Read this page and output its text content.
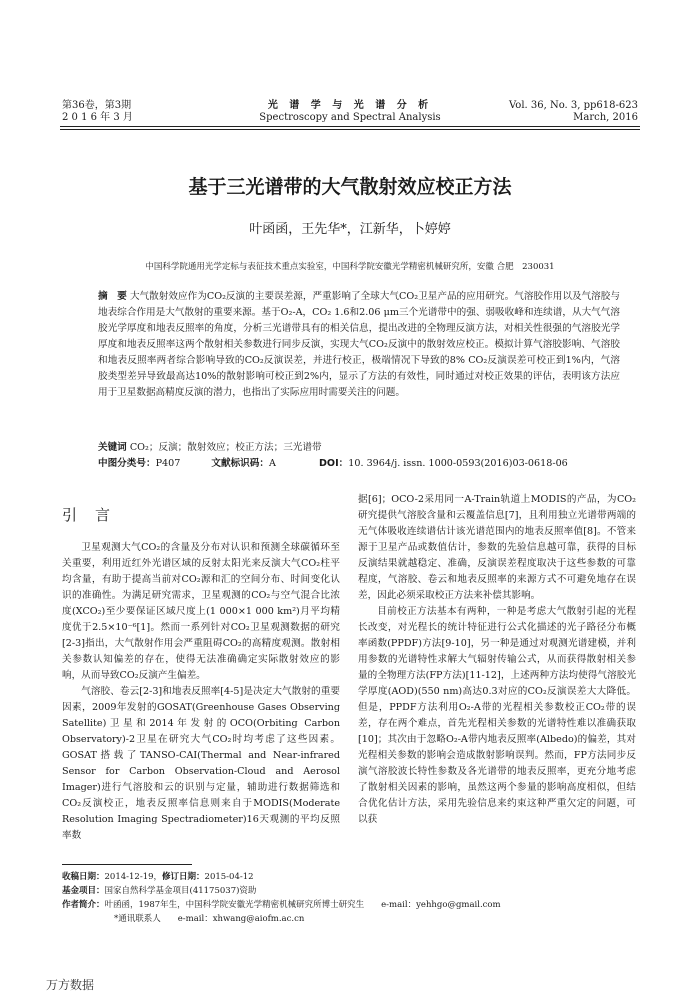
第36卷，第3期
2 0 1 6 年 3 月
光 谱 学 与 光 谱 分 析
Spectroscopy and Spectral Analysis
Vol. 36, No. 3, pp618-623
March, 2016
基于三光谱带的大气散射效应校正方法
叶函函，王先华*，江新华，卜婷婷
中国科学院通用光学定标与表征技术重点实验室，中国科学院安徽光学精密机械研究所，安徽 合肥　230031
摘　要 大气散射效应作为CO₂反演的主要误差源，严重影响了全球大气CO₂卫星产品的应用研究。气溶胶作用以及气溶胶与地表综合作用是大气散射的重要来源。基于O₂-A，CO₂ 1.6和2.06 μm三个光谱带中的强、弱吸收峰和连续谱，从大气气溶胶光学厚度和地表反照率的角度，分析三光谱带具有的相关信息，提出改进的全物理反演方法，对相关性很强的气溶胶光学厚度和地表反照率这两个散射相关参数进行同步反演，实现大气CO₂反演中的散射效应校正。模拟计算气溶胶影响、气溶胶和地表反照率两者综合影响导致的CO₂反演误差，并进行校正，极端情况下导致的8% CO₂反演误差可校正到1%内，气溶胶类型差异导致最高达10%的散射影响可校正到2%内，显示了方法的有效性，同时通过对校正效果的评估，表明该方法应用于卫星数据高精度反演的潜力，也指出了实际应用时需要关注的问题。
关键词 CO₂；反演；散射效应；校正方法；三光谱带
中图分类号：P407	文献标识码：A	DOI：10. 3964/j. issn. 1000-0593(2016)03-0618-06
引言

卫星观测大气CO₂的含量及分布对认识和预测全球碳循环至关重要，利用近红外光谱区域的反射太阳光来反演大气CO₂柱平均含量，有助于提高当前对CO₂源和汇的空间分布、时间变化认识的准确性。为满足研究需求，卫星观测的CO₂与空气混合比浓度(XCO₂)至少要保证区域尺度上(1 000×1 000 km²)月平均精度优于2.5×10⁻⁶[1]。然而一系列针对CO₂卫星观测数据的研究[2-3]指出，大气散射作用会严重阻碍CO₂的高精度观测。散射相关参数认知偏差的存在，使得无法准确确定实际散射效应的影响，从而导致CO₂反演产生偏差。

气溶胶、卷云[2-3]和地表反照率[4-5]是决定大气散射的重要因素，2009年发射的GOSAT(Greenhouse Gases Observing Satellite)卫星和2014年发射的OCO(Orbiting Carbon Observatory)-2卫星在研究大气CO₂时均考虑了这些因素。GOSAT搭载了TANSO-CAI(Thermal and Near-infrared Sensor for Carbon Observation-Cloud and Aerosol Imager)进行气溶胶和云的识别与定量，辅助进行数据筛选和CO₂反演校正，地表反照率信息则来自于MODIS(Moderate Resolution Imaging Spectradiometer)16天观测的平均反照率数

据[6]；OCO-2采用同一A-Train轨道上MODIS的产品，为CO₂研究提供气溶胶含量和云覆盖信息[7]，且利用独立光谱带两端的无气体吸收连续谱估计该光谱范围内的地表反照率值[8]。不管来源于卫星产品或数值估计，参数的先验信息越可靠，获得的目标反演结果就越稳定、准确，反演误差程度取决于这些参数的可靠程度，气溶胶、卷云和地表反照率的来源方式不可避免地存在误差，因此必须采取校正方法来补偿其影响。

目前校正方法基本有两种，一种是考虑大气散射引起的光程长改变，对光程长的统计特征进行公式化描述的光子路径分布概率函数(PPDF)方法[9-10]，另一种是通过对观测光谱建模，并利用参数的光谱特性求解大气辐射传输公式，从而获得散射相关参量的全物理方法(FP方法)[11-12]，上述两种方法均使得气溶胶光学厚度(AOD)(550 nm)高达0.3对应的CO₂反演误差大大降低。但是，PPDF方法利用O₂-A带的光程相关参数校正CO₂带的误差，存在两个难点，首先光程相关参数的光谱特性难以准确获取[10]；其次由于忽略O₂-A带内地表反照率(Albedo)的偏差，其对光程相关参数的影响会造成散射影响误判。然而，FP方法同步反演气溶胶波长特性参数及各光谱带的地表反照率，更充分地考虑了散射相关因素的影响，虽然这两个参量的影响高度相似，但结合优化估计方法，采用先验信息来约束这种严重欠定的问题，可以获

收稿日期：2014-12-19，修订日期：2015-04-12
基金项目：国家自然科学基金项目(41175037)资助
作者简介：叶函函，1987年生，中国科学院安徽光学精密机械研究所博士研究生　　e-mail：yehhgo@gmail.com
*通讯联系人　　e-mail：xhwang@aiofm.ac.cn
万方数据
